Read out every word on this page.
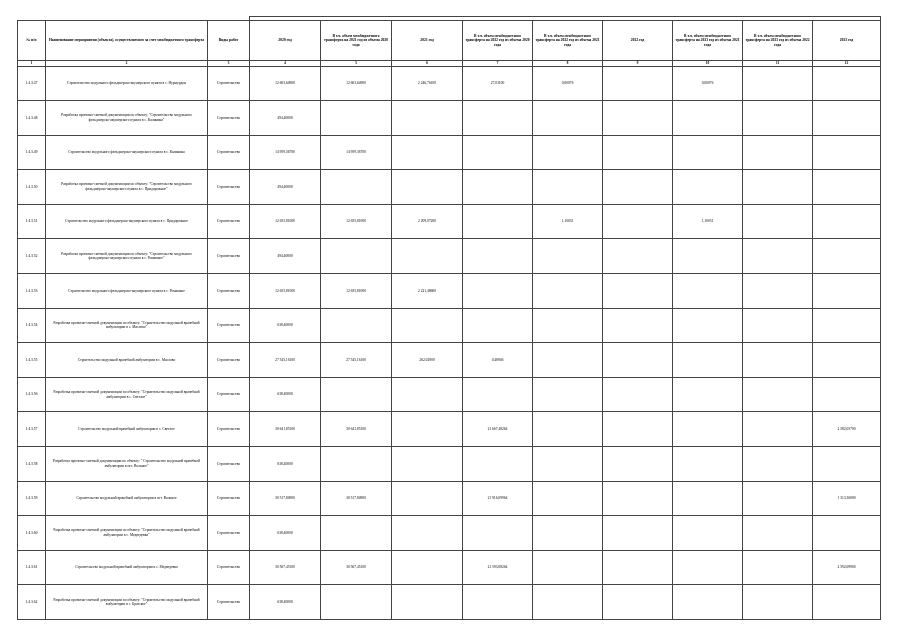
№ п/п	Наименование мероприятия (объекта), осуществляемого за счет межбюджетного трансферта	Виды работ	2020 год	В т.ч. объем межбюджетного трансферта на 2021 год из объема 2020 года	2021 год	В т.ч. объем межбюджетного трансферта на 2022 год из объема 2020 года	В т.ч. объем межбюджетного трансферта на 2022 год из объема 2021 года	2022 год	В т.ч. объем межбюджетного трансферта на 2023 год из объема 2021 года	В т.ч. объем межбюджетного трансферта на 2023 год из объема 2022 года	2023 год
1	2	3	4	5	6	7	8	9	10	11	12
1.4.3.47	Строительство модульного фельдшерско-акушерского пункта в с. Нурмурдон	Строительство	12 603,64900	12 603,64900	2 246,76100	27,03100	0,00076		0,00076		
1.4.3.48	Разработка проектно-сметной документации по объекту: "Строительство модульного фельдшерско-акушерского пункта в с. Калинина"	Строительство	494,40000								
1.4.3.49	Строительство модульного фельдшерско-акушерского пункта в с. Калинина	Строительство	14 959,36700	14 959,36700							
1.4.3.50	Разработка проектно-сметной документации по объекту: "Строительство модульного фельдшерско-акушерского пункта в с. Придорожное"	Строительство	494,40000								
1.4.3.51	Строительство модульного фельдшерско-акушерского пункта в с. Придорожное	Строительство	12 655,81000	12 655,81000	2 209,07200		1,10031		1,10031		
1.4.3.52	Разработка проектно-сметной документации по объекту: "Строительство модульного фельдшерско-акушерского пункта в с. Ромашкое"	Строительство	494,40000								
1.4.3.53	Строительство модульного фельдшерско-акушерского пункта в с. Ромашкое	Строительство	12 655,81000	12 655,81000	2 221,48600						
1.4.3.54	Разработка проектно-сметной документации по объекту: "Строительство модульной врачебной амбулатории в с. Маслово"	Строительство	638,40000								
1.4.3.55	Строительство модульной врачебной амбулатории в с. Маслово	Строительство	27 545,16100	27 545,16100	262,02900	0,48946					
1.4.3.56	Разработка проектно-сметной документации по объекту: "Строительство модульной врачебной амбулатории в с. Светлое"	Строительство	638,40000								
1.4.3.57	Строительство модульной врачебной амбулатории в с. Светлое	Строительство	30 641,85100	30 641,85100		21 667,48264					2 582,05700
1.4.3.58	Разработка проектно-сметной документации по объекту: " Строительство модульной врачебной амбулатории в пгт. Вольное"	Строительство	638,40000								
1.4.3.59	Строительство модульной врачебной амбулатории в пгт. Вольное	Строительство	30 517,84900	30 517,84900		21 916,09964					1 313,36000
1.4.3.60	Разработка проектно-сметной документации по объекту: "Строительство модульной врачебной амбулатории в с. Медведевка"	Строительство	638,40000								
1.4.3.61	Строительство модульной врачебной амбулатории в с. Медведевка	Строительство	30 567,45100	30 567,45100		21 593,08264					2 592,69900
1.4.3.62	Разработка проектно-сметной документации по объекту: "Строительство модульной врачебной амбулатории в с. Братское"	Строительство	638,40000								
